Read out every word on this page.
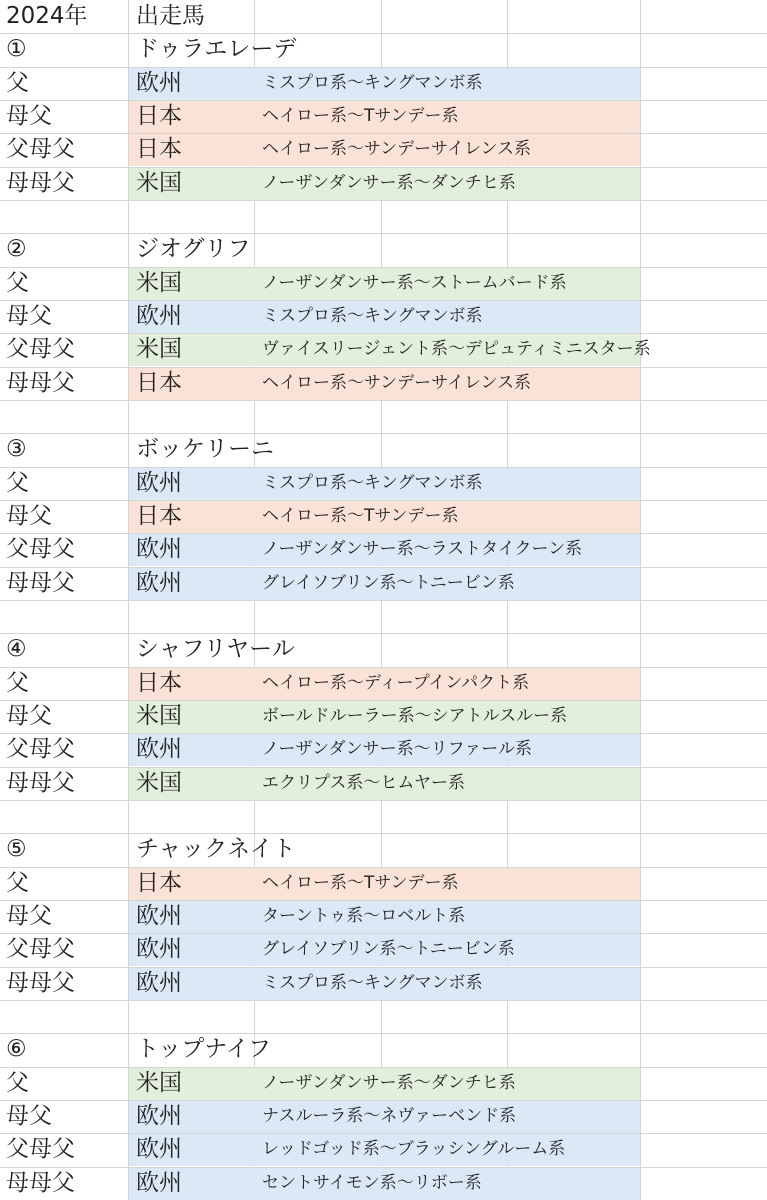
2024年 出走馬
①	ドゥラエレーデ
父	欧州	ミスプロ系〜キングマンボ系
母父	日本	ヘイロー系〜Tサンデー系
父母父	日本	ヘイロー系〜サンデーサイレンス系
母母父	米国	ノーザンダンサー系〜ダンチヒ系
②	ジオグリフ
父	米国	ノーザンダンサー系〜ストームバード系
母父	欧州	ミスプロ系〜キングマンボ系
父母父	米国	ヴァイスリージェント系〜デピュティミニスター系
母母父	日本	ヘイロー系〜サンデーサイレンス系
③	ボッケリーニ
父	欧州	ミスプロ系〜キングマンボ系
母父	日本	ヘイロー系〜Tサンデー系
父母父	欧州	ノーザンダンサー系〜ラストタイクーン系
母母父	欧州	グレイソブリン系〜トニービン系
④	シャフリヤール
父	日本	ヘイロー系〜ディープインパクト系
母父	米国	ボールドルーラー系〜シアトルスルー系
父母父	欧州	ノーザンダンサー系〜リファール系
母母父	米国	エクリプス系〜ヒムヤー系
⑤	チャックネイト
父	日本	ヘイロー系〜Tサンデー系
母父	欧州	ターントゥ系〜ロベルト系
父母父	欧州	グレイソブリン系〜トニービン系
母母父	欧州	ミスプロ系〜キングマンボ系
⑥	トップナイフ
父	米国	ノーザンダンサー系〜ダンチヒ系
母父	欧州	ナスルーラ系〜ネヴァーベンド系
父母父	欧州	レッドゴッド系〜ブラッシングルーム系
母母父	欧州	セントサイモン系〜リボー系
